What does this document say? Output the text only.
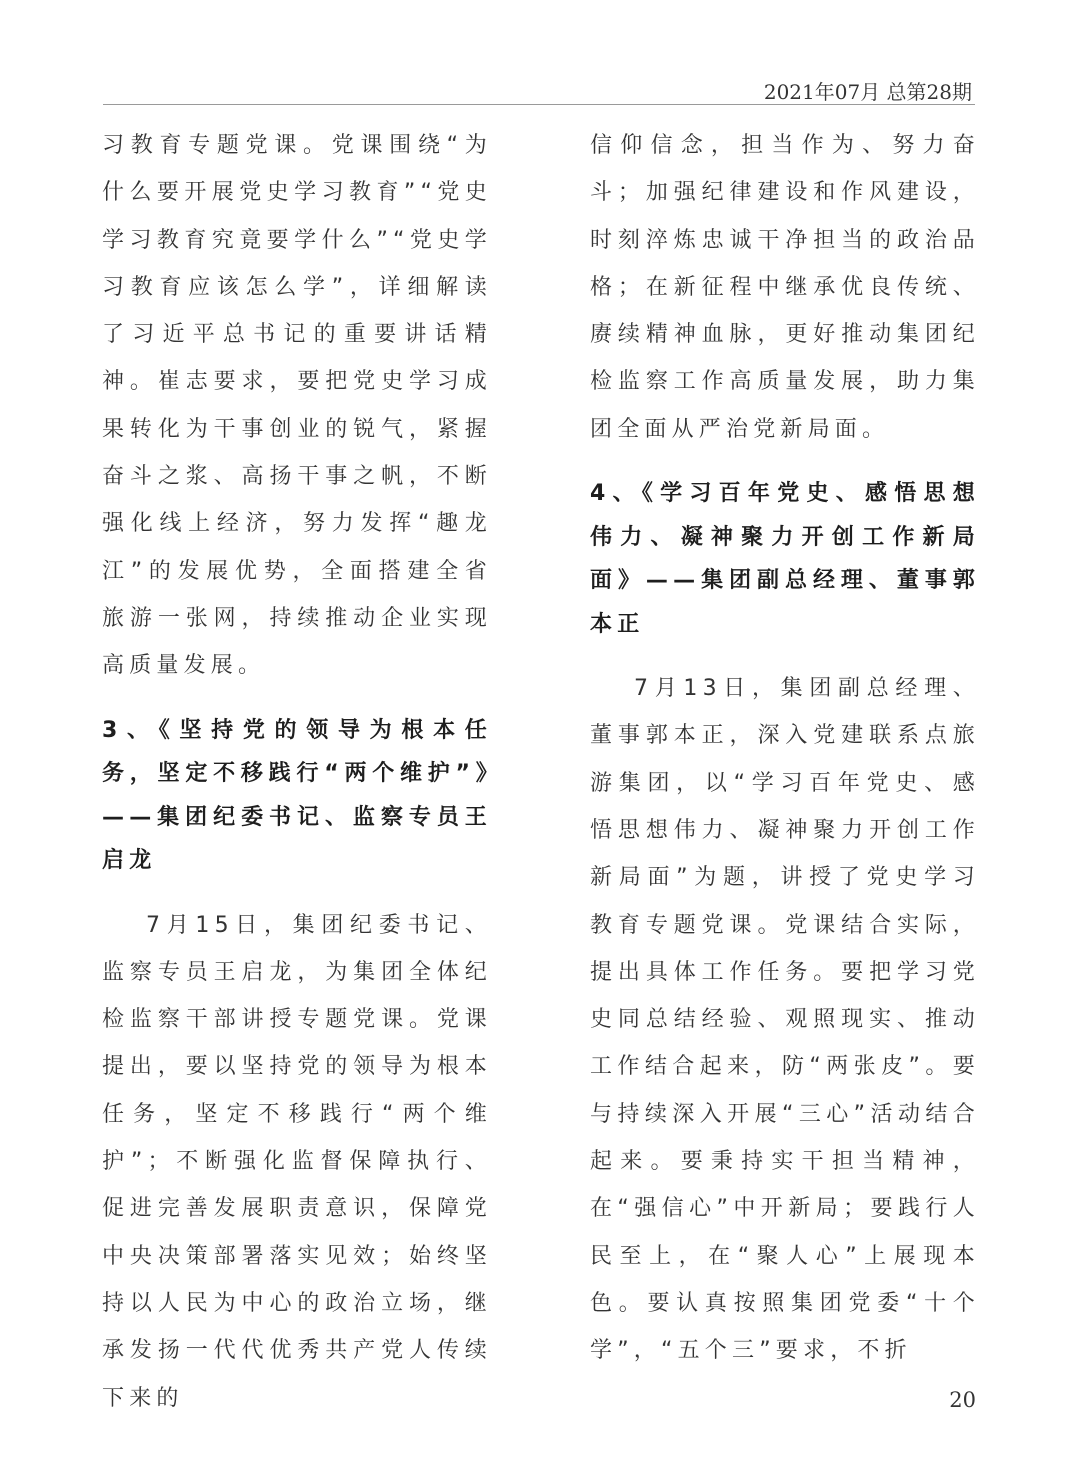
2021年07月 总第28期

习教育专题党课。党课围绕“为什么要开展党史学习教育”“党史学习教育究竟要学什么”“党史学习教育应该怎么学”，详细解读了习近平总书记的重要讲话精神。崔志要求，要把党史学习成果转化为干事创业的锐气，紧握奋斗之浆、高扬干事之帆，不断强化线上经济，努力发挥“趣龙江”的发展优势，全面搭建全省旅游一张网，持续推动企业实现高质量发展。

3、《坚持党的领导为根本任务，坚定不移践行“两个维护”》——集团纪委书记、监察专员王启龙

7月15日，集团纪委书记、监察专员王启龙，为集团全体纪检监察干部讲授专题党课。党课提出，要以坚持党的领导为根本任务，坚定不移践行“两个维护”；不断强化监督保障执行、促进完善发展职责意识，保障党中央决策部署落实见效；始终坚持以人民为中心的政治立场，继承发扬一代代优秀共产党人传续下来的

信仰信念，担当作为、努力奋斗；加强纪律建设和作风建设，时刻淬炼忠诚干净担当的政治品格；在新征程中继承优良传统、赓续精神血脉，更好推动集团纪检监察工作高质量发展，助力集团全面从严治党新局面。

4、《学习百年党史、感悟思想伟力、凝神聚力开创工作新局面》——集团副总经理、董事郭本正

7月13日，集团副总经理、董事郭本正，深入党建联系点旅游集团，以“学习百年党史、感悟思想伟力、凝神聚力开创工作新局面”为题，讲授了党史学习教育专题党课。党课结合实际，提出具体工作任务。要把学习党史同总结经验、观照现实、推动工作结合起来，防“两张皮”。要与持续深入开展“三心”活动结合起来。要秉持实干担当精神，在“强信心”中开新局；要践行人民至上，在“聚人心”上展现本色。要认真按照集团党委“十个学”，“五个三”要求，不折

20
